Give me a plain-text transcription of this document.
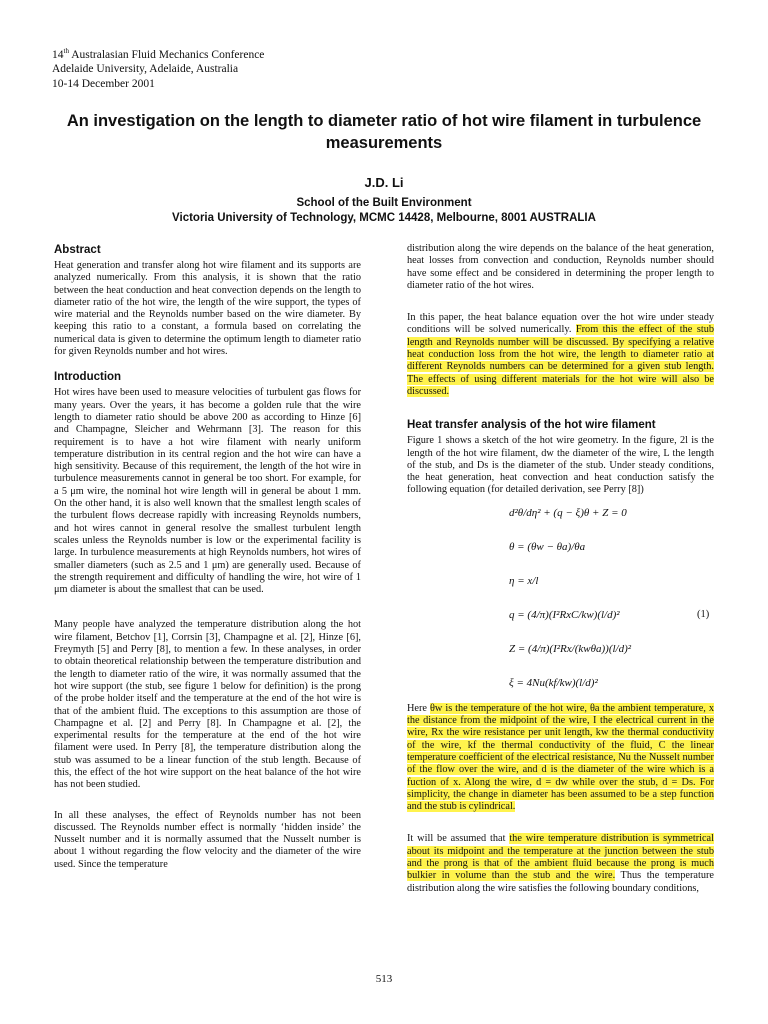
14th Australasian Fluid Mechanics Conference
Adelaide University, Adelaide, Australia
10-14 December 2001
An investigation on the length to diameter ratio of hot wire filament in turbulence measurements
J.D. Li
School of the Built Environment
Victoria University of Technology, MCMC 14428, Melbourne, 8001 AUSTRALIA
Abstract

Heat generation and transfer along hot wire filament and its supports are analyzed numerically. From this analysis, it is shown that the ratio between the heat conduction and heat convection depends on the length to diameter ratio of the hot wire, the length of the wire support, the types of wire material and the Reynolds number based on the wire diameter. By keeping this ratio to a constant, a formula based on correlating the numerical data is given to determine the optimum length to diameter ratio for given Reynolds number and hot wires.

Introduction

Hot wires have been used to measure velocities of turbulent gas flows for many years. Over the years, it has become a golden rule that the wire length to diameter ratio should be above 200 as according to Hinze [6] and Champagne, Sleicher and Wehrmann [3]. The reason for this requirement is to have a hot wire filament with nearly uniform temperature distribution in its central region and the hot wire can have a high sensitivity. Because of this requirement, the length of the hot wire in turbulence measurements cannot in general be too short. For example, for a 5 μm wire, the nominal hot wire length will in general be about 1 mm. On the other hand, it is also well known that the smallest length scales of the turbulent flows decrease rapidly with increasing Reynolds numbers, and hot wires cannot in general resolve the smallest turbulent length scales unless the Reynolds number is low or the experimental facility is large. In turbulence measurements at high Reynolds numbers, hot wires of smaller diameters (such as 2.5 and 1 μm) are generally used. Because of the strength requirement and difficulty of handling the wire, hot wire of 1 μm diameter is about the smallest that can be used.

Many people have analyzed the temperature distribution along the hot wire filament, Betchov [1], Corrsin [3], Champagne et al. [2], Hinze [6], Freymyth [5] and Perry [8], to mention a few. In these analyses, in order to obtain theoretical relationship between the temperature distribution and the length to diameter ratio of the wire, it was normally assumed that the hot wire support (the stub, see figure 1 below for definition) is the prong of the probe holder itself and the temperature at the end of the hot wire is that of the ambient fluid. The exceptions to this assumption are those of Champagne et al. [2] and Perry [8]. In Champagne et al. [2], the experimental results for the temperature at the end of the hot wire filament were used. In Perry [8], the temperature distribution along the stub was assumed to be a linear function of the stub length. Because of this, the effect of the hot wire support on the heat balance of the hot wire has not been studied.

In all these analyses, the effect of Reynolds number has not been discussed. The Reynolds number effect is normally ‘hidden inside’ the Nusselt number and it is normally assumed that the Nusselt number is about 1 without regarding the flow velocity and the diameter of the wire used. Since the temperature

distribution along the wire depends on the balance of the heat generation, heat losses from convection and conduction, Reynolds number should have some effect and be considered in determining the proper length to diameter ratio of the hot wires.

In this paper, the heat balance equation over the hot wire under steady conditions will be solved numerically. From this the effect of the stub length and Reynolds number will be discussed. By specifying a relative heat conduction loss from the hot wire, the length to diameter ratio at different Reynolds numbers can be determined for a given stub length. The effects of using different materials for the hot wire will also be discussed.

Heat transfer analysis of the hot wire filament

Figure 1 shows a sketch of the hot wire geometry. In the figure, 2l is the length of the hot wire filament, dw the diameter of the wire, L the length of the stub, and Ds is the diameter of the stub. Under steady conditions, the heat generation, heat convection and heat conduction satisfy the following equation (for detailed derivation, see Perry [8])

d²θ/dη² + (q − ξ)θ + Z = 0
θ = (θw − θa)/θa
η = x/l
q = (4/π)(I²RxC/kw)(l/d)²
Z = (4/π)(I²Rx/(kwθa))(l/d)²
ξ = 4Nu(kf/kw)(l/d)²
(1)

Here θw is the temperature of the hot wire, θa the ambient temperature, x the distance from the midpoint of the wire, I the electrical current in the wire, Rx the wire resistance per unit length, kw the thermal conductivity of the wire, kf the thermal conductivity of the fluid, C the linear temperature coefficient of the electrical resistance, Nu the Nusselt number of the flow over the wire, and d is the diameter of the wire which is a fuction of x. Along the wire, d = dw while over the stub, d = Ds. For simplicity, the change in diameter has been assumed to be a step function and the stub is cylindrical.

It will be assumed that the wire temperature distribution is symmetrical about its midpoint and the temperature at the junction between the stub and the prong is that of the ambient fluid because the prong is much bulkier in volume than the stub and the wire. Thus the temperature distribution along the wire satisfies the following boundary conditions,

513
